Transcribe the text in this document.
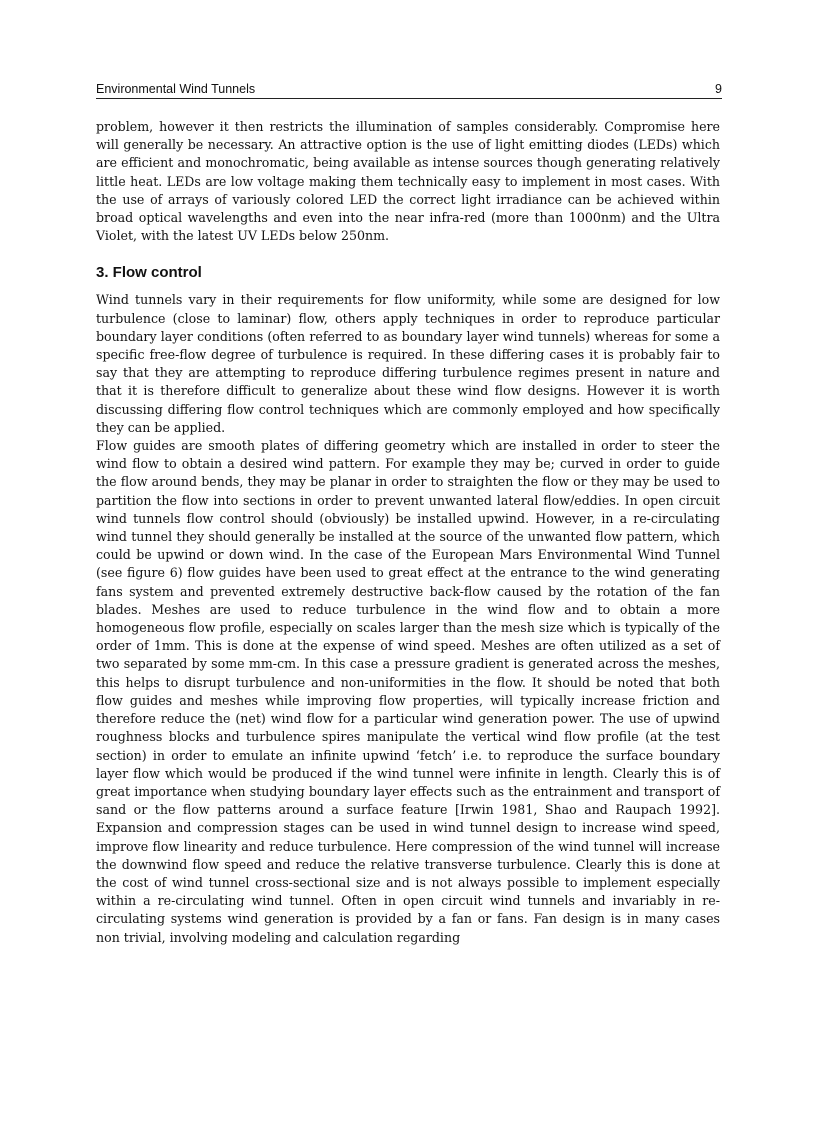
Environmental Wind Tunnels	9

problem, however it then restricts the illumination of samples considerably. Compromise here will generally be necessary. An attractive option is the use of light emitting diodes (LEDs) which are efficient and monochromatic, being available as intense sources though generating relatively little heat. LEDs are low voltage making them technically easy to implement in most cases. With the use of arrays of variously colored LED the correct light irradiance can be achieved within broad optical wavelengths and even into the near infra-red (more than 1000nm) and the Ultra Violet, with the latest UV LEDs below 250nm.

3. Flow control

Wind tunnels vary in their requirements for flow uniformity, while some are designed for low turbulence (close to laminar) flow, others apply techniques in order to reproduce particular boundary layer conditions (often referred to as boundary layer wind tunnels) whereas for some a specific free-flow degree of turbulence is required. In these differing cases it is probably fair to say that they are attempting to reproduce differing turbulence regimes present in nature and that it is therefore difficult to generalize about these wind flow designs. However it is worth discussing differing flow control techniques which are commonly employed and how specifically they can be applied.

Flow guides are smooth plates of differing geometry which are installed in order to steer the wind flow to obtain a desired wind pattern. For example they may be; curved in order to guide the flow around bends, they may be planar in order to straighten the flow or they may be used to partition the flow into sections in order to prevent unwanted lateral flow/eddies. In open circuit wind tunnels flow control should (obviously) be installed upwind. However, in a re-circulating wind tunnel they should generally be installed at the source of the unwanted flow pattern, which could be upwind or down wind. In the case of the European Mars Environmental Wind Tunnel (see figure 6) flow guides have been used to great effect at the entrance to the wind generating fans system and prevented extremely destructive back-flow caused by the rotation of the fan blades. Meshes are used to reduce turbulence in the wind flow and to obtain a more homogeneous flow profile, especially on scales larger than the mesh size which is typically of the order of 1mm. This is done at the expense of wind speed. Meshes are often utilized as a set of two separated by some mm-cm. In this case a pressure gradient is generated across the meshes, this helps to disrupt turbulence and non-uniformities in the flow. It should be noted that both flow guides and meshes while improving flow properties, will typically increase friction and therefore reduce the (net) wind flow for a particular wind generation power. The use of upwind roughness blocks and turbulence spires manipulate the vertical wind flow profile (at the test section) in order to emulate an infinite upwind ‘fetch’ i.e. to reproduce the surface boundary layer flow which would be produced if the wind tunnel were infinite in length. Clearly this is of great importance when studying boundary layer effects such as the entrainment and transport of sand or the flow patterns around a surface feature [Irwin 1981, Shao and Raupach 1992]. Expansion and compression stages can be used in wind tunnel design to increase wind speed, improve flow linearity and reduce turbulence. Here compression of the wind tunnel will increase the downwind flow speed and reduce the relative transverse turbulence. Clearly this is done at the cost of wind tunnel cross-sectional size and is not always possible to implement especially within a re-circulating wind tunnel. Often in open circuit wind tunnels and invariably in re-circulating systems wind generation is provided by a fan or fans. Fan design is in many cases non trivial, involving modeling and calculation regarding
